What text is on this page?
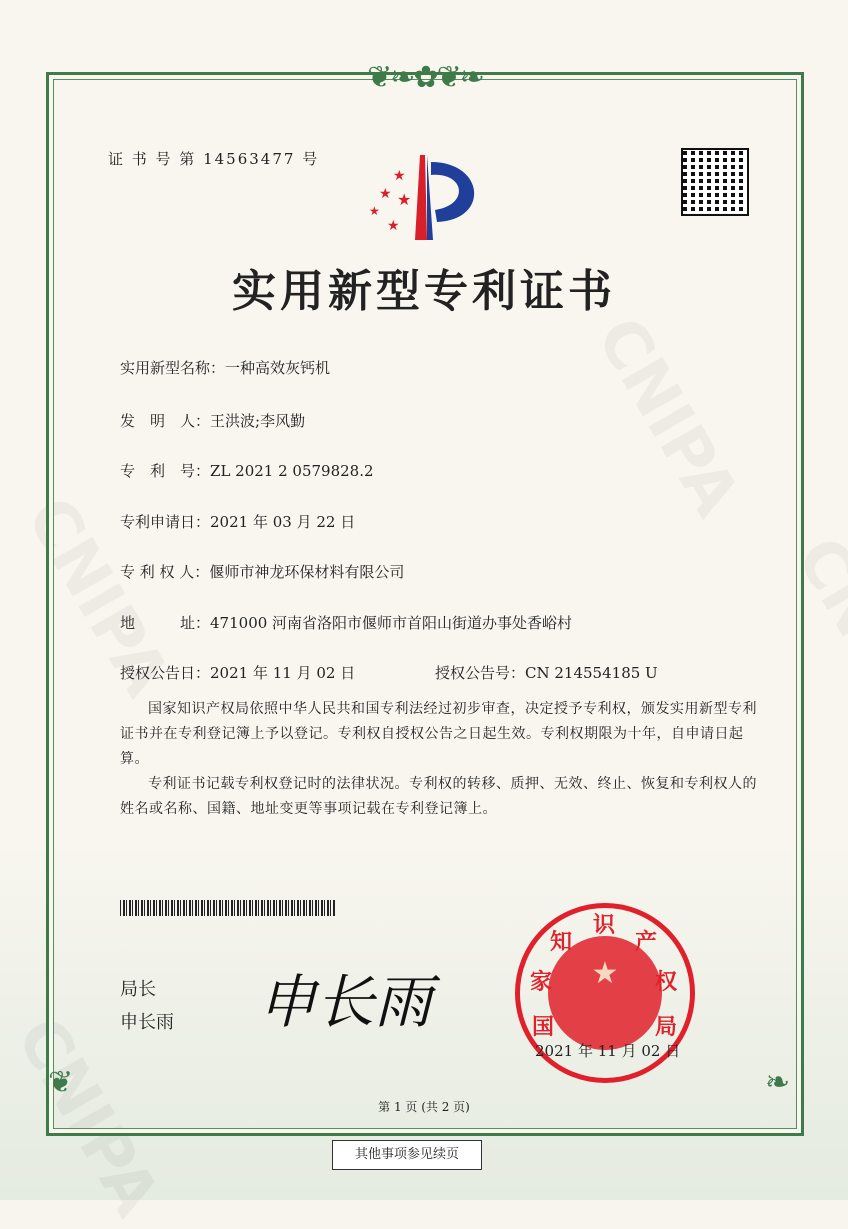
❦❧✿❦❧
❦	❧
证 书 号 第 14563477 号
★
★ ★
★
★
实用新型专利证书
实用新型名称：一种高效灰钙机
发　明　人：王洪波;李风勤
专　利　号：ZL 2021 2 0579828.2
专利申请日：2021 年 03 月 22 日
专 利 权 人：偃师市神龙环保材料有限公司
地　　　址：471000 河南省洛阳市偃师市首阳山街道办事处香峪村
授权公告日：2021 年 11 月 02 日	授权公告号：CN 214554185 U
国家知识产权局依照中华人民共和国专利法经过初步审查，决定授予专利权，颁发实用新型专利证书并在专利登记簿上予以登记。专利权自授权公告之日起生效。专利权期限为十年，自申请日起算。
专利证书记载专利权登记时的法律状况。专利权的转移、质押、无效、终止、恢复和专利权人的姓名或名称、国籍、地址变更等事项记载在专利登记簿上。
局长
申长雨 申长雨	★
国
家
知
识
产
权
局
2021 年 11 月 02 日
第 1 页 (共 2 页)
其他事项参见续页
